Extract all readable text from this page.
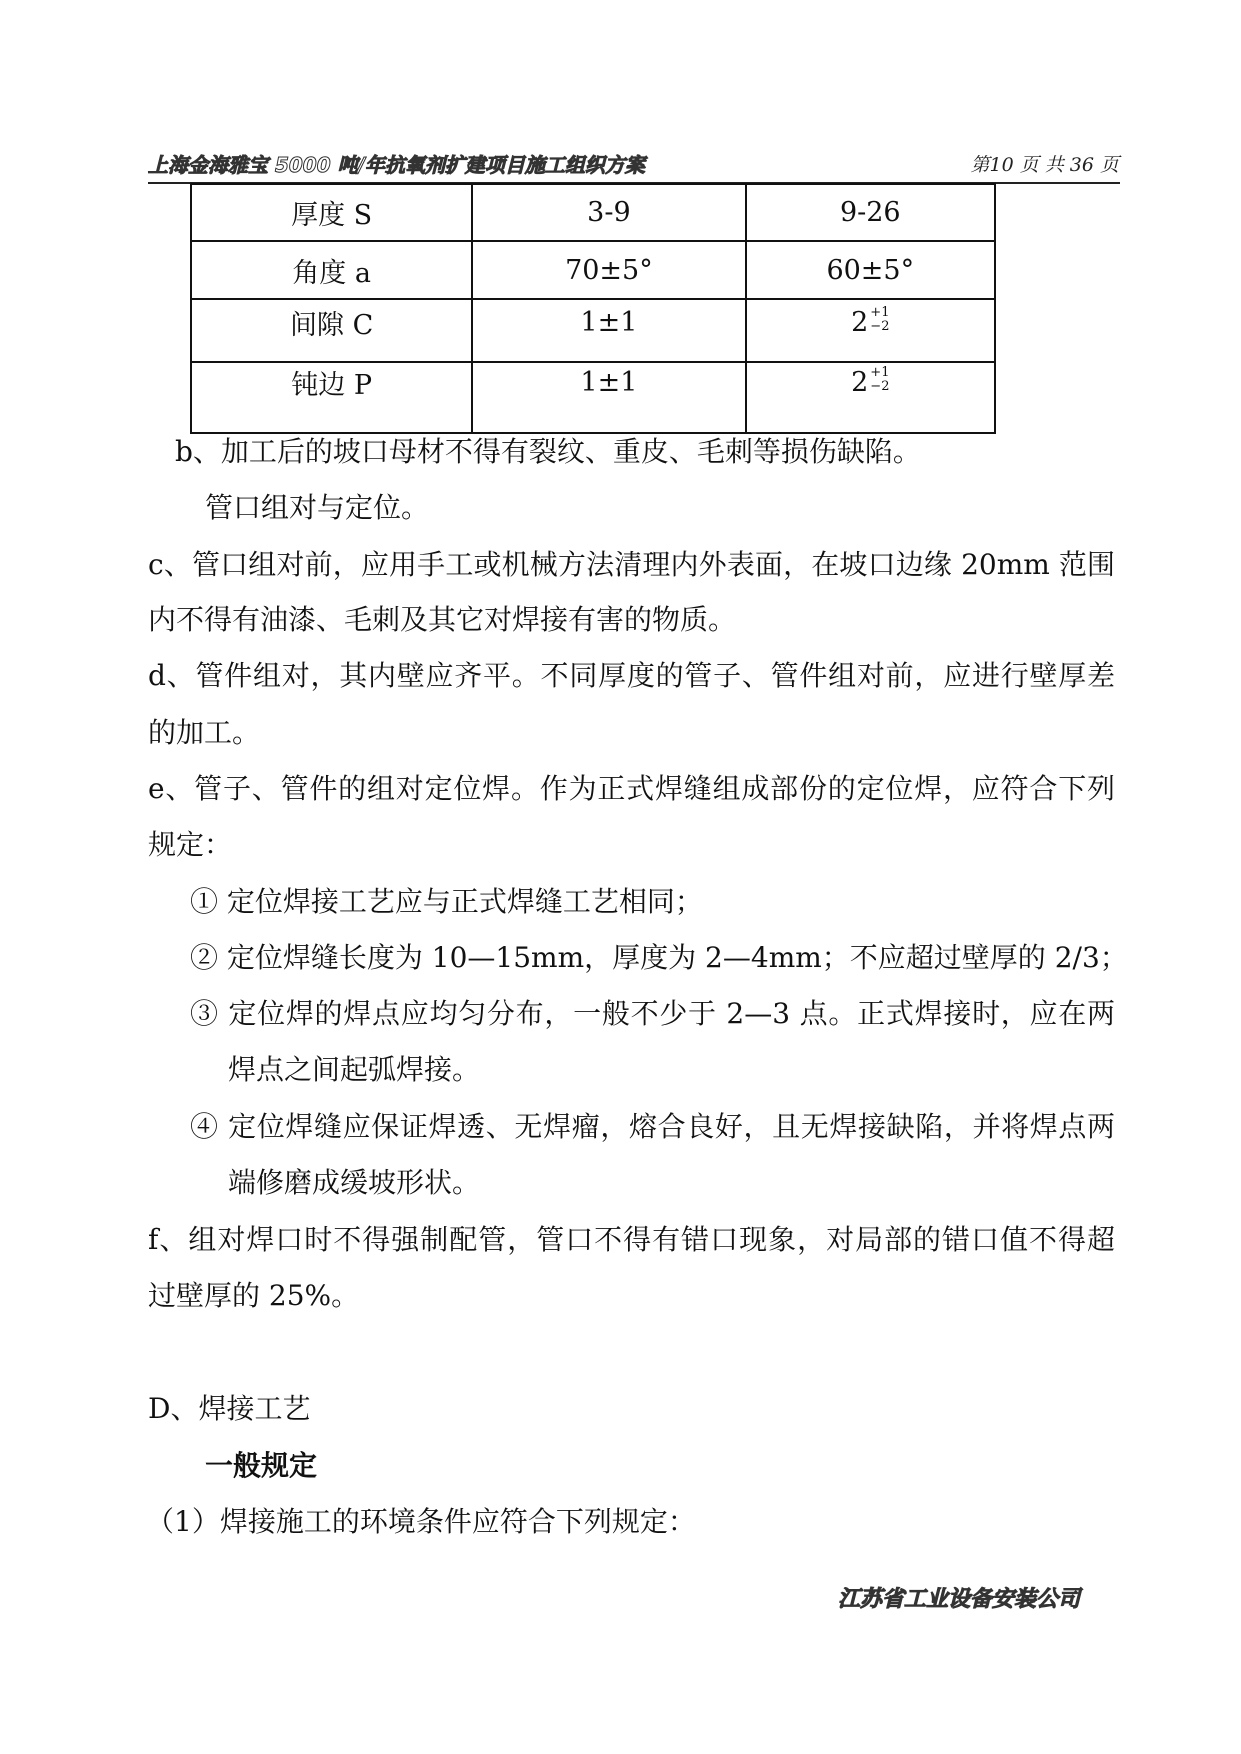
上海金海雅宝 5000 吨/年抗氧剂扩建项目施工组织方案	第10 页 共 36 页
厚度 S	3-9	9-26
角度 a	70±5°	60±5°
间隙 C	1±1	2 +1
−2

钝边 P	1±1	2 +1
−2
b、加工后的坡口母材不得有裂纹、重皮、毛刺等损伤缺陷。
管口组对与定位。
c、管口组对前，应用手工或机械方法清理内外表面，在坡口边缘 20mm 范围
内不得有油漆、毛刺及其它对焊接有害的物质。
d、管件组对，其内壁应齐平。不同厚度的管子、管件组对前，应进行壁厚差
的加工。
e、管子、管件的组对定位焊。作为正式焊缝组成部份的定位焊，应符合下列
规定：
① 定位焊接工艺应与正式焊缝工艺相同；
② 定位焊缝长度为 10—15mm，厚度为 2—4mm；不应超过壁厚的 2/3；
③ 定位焊的焊点应均匀分布，一般不少于 2—3 点。正式焊接时，应在两
焊点之间起弧焊接。
④ 定位焊缝应保证焊透、无焊瘤，熔合良好，且无焊接缺陷，并将焊点两
端修磨成缓坡形状。
f、组对焊口时不得强制配管，管口不得有错口现象，对局部的错口值不得超
过壁厚的 25%。
D、焊接工艺
一般规定
（1）焊接施工的环境条件应符合下列规定：
江苏省工业设备安装公司
